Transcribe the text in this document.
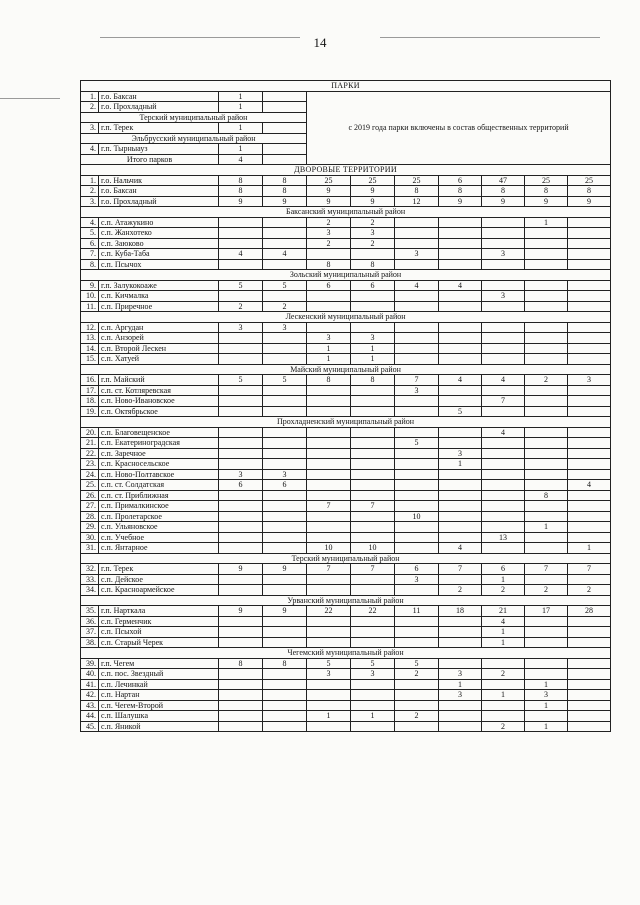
14
ПАРКИ										
1.	г.о. Баксан	1		с 2019 года парки включены в состав общественных территорий						
2.	г.о. Прохладный	1								
Терский муниципальный район										
3.	г.п. Терек	1								
Эльбрусский муниципальный район										
4.	г.п. Тырныауз	1								
Итого парков		4								
ДВОРОВЫЕ ТЕРРИТОРИИ										
1.	г.о. Нальчик	8	8	25	25	25	6	47	25	25
2.	г.о. Баксан	8	8	9	9	8	8	8	8	8
3.	г.о. Прохладный	9	9	9	9	12	9	9	9	9
Баксанский муниципальный район										
4.	с.п. Атажукино			2	2				1	
5.	с.п. Жанхотеко			3	3					
6.	с.п. Заюково			2	2					
7.	с.п. Куба-Таба	4	4			3		3		
8.	с.п. Псычох			8	8					
Зольский муниципальный район										
9.	г.п. Залукокоаже	5	5	6	6	4	4			
10.	с.п. Кичмалка							3		
11.	с.п. Приречное	2	2							
Лескенский муниципальный район										
12.	с.п. Аргудан	3	3							
13.	с.п. Анзорей			3	3					
14.	с.п. Второй Лескен			1	1					
15.	с.п. Хатуей			1	1					
Майский муниципальный район										
16.	г.п. Майский	5	5	8	8	7	4	4	2	3
17.	с.п. ст. Котляревская					3				
18.	с.п. Ново-Ивановское							7		
19.	с.п. Октябрьское						5			
Прохладненский муниципальный район										
20.	с.п. Благовещенское							4		
21.	с.п. Екатериноградская					5				
22.	с.п. Заречное						3			
23.	с.п. Красносельское						1			
24.	с.п. Ново-Полтавское	3	3							
25.	с.п. ст. Солдатская	6	6							4
26.	с.п. ст. Приближная								8	
27.	с.п. Прималкинское			7	7					
28.	с.п. Пролетарское					10				
29.	с.п. Ульяновское								1	
30.	с.п. Учебное							13		
31.	с.п. Янтарное			10	10		4			1
Терский муниципальный район										
32.	г.п. Терек	9	9	7	7	6	7	6	7	7
33.	с.п. Дейское					3		1		
34.	с.п. Красноармейское						2	2	2	2
Урванский муниципальный район										
35.	г.п. Нарткала	9	9	22	22	11	18	21	17	28
36.	с.п. Герменчик							4		
37.	с.п. Псыхой							1		
38.	с.п. Старый Черек							1		
Чегемский муниципальный район										
39.	г.п. Чегем	8	8	5	5	5				
40.	с.п. пос. Звездный			3	3	2	3	2		
41.	с.п. Лечинкай						1		1	
42.	с.п. Нартан						3	1	3	
43.	с.п. Чегем-Второй								1	
44.	с.п. Шалушка			1	1	2				
45.	с.п. Яникой							2	1	
